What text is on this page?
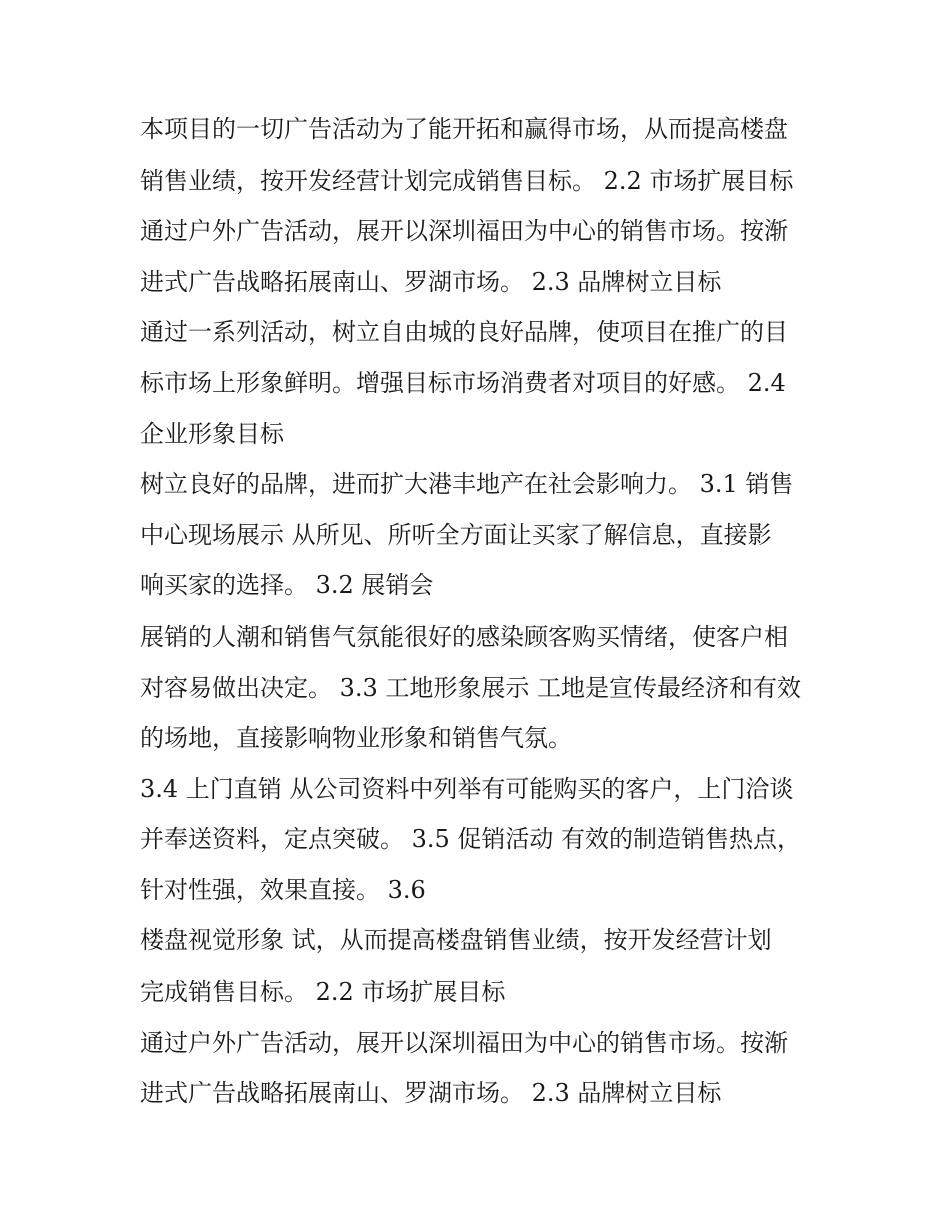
本项目的一切广告活动为了能开拓和赢得市场，从而提高楼盘
销售业绩，按开发经营计划完成销售目标。 2.2 市场扩展目标
通过户外广告活动，展开以深圳福田为中心的销售市场。按渐
进式广告战略拓展南山、罗湖市场。 2.3 品牌树立目标
通过一系列活动，树立自由城的良好品牌，使项目在推广的目
标市场上形象鲜明。增强目标市场消费者对项目的好感。 2.4
企业形象目标
树立良好的品牌，进而扩大港丰地产在社会影响力。 3.1 销售
中心现场展示 从所见、所听全方面让买家了解信息，直接影
响买家的选择。 3.2 展销会
展销的人潮和销售气氛能很好的感染顾客购买情绪，使客户相
对容易做出决定。 3.3 工地形象展示 工地是宣传最经济和有效
的场地，直接影响物业形象和销售气氛。
3.4 上门直销 从公司资料中列举有可能购买的客户，上门洽谈
并奉送资料，定点突破。 3.5 促销活动 有效的制造销售热点，
针对性强，效果直接。 3.6
楼盘视觉形象 试，从而提高楼盘销售业绩，按开发经营计划
完成销售目标。 2.2 市场扩展目标
通过户外广告活动，展开以深圳福田为中心的销售市场。按渐
进式广告战略拓展南山、罗湖市场。 2.3 品牌树立目标
